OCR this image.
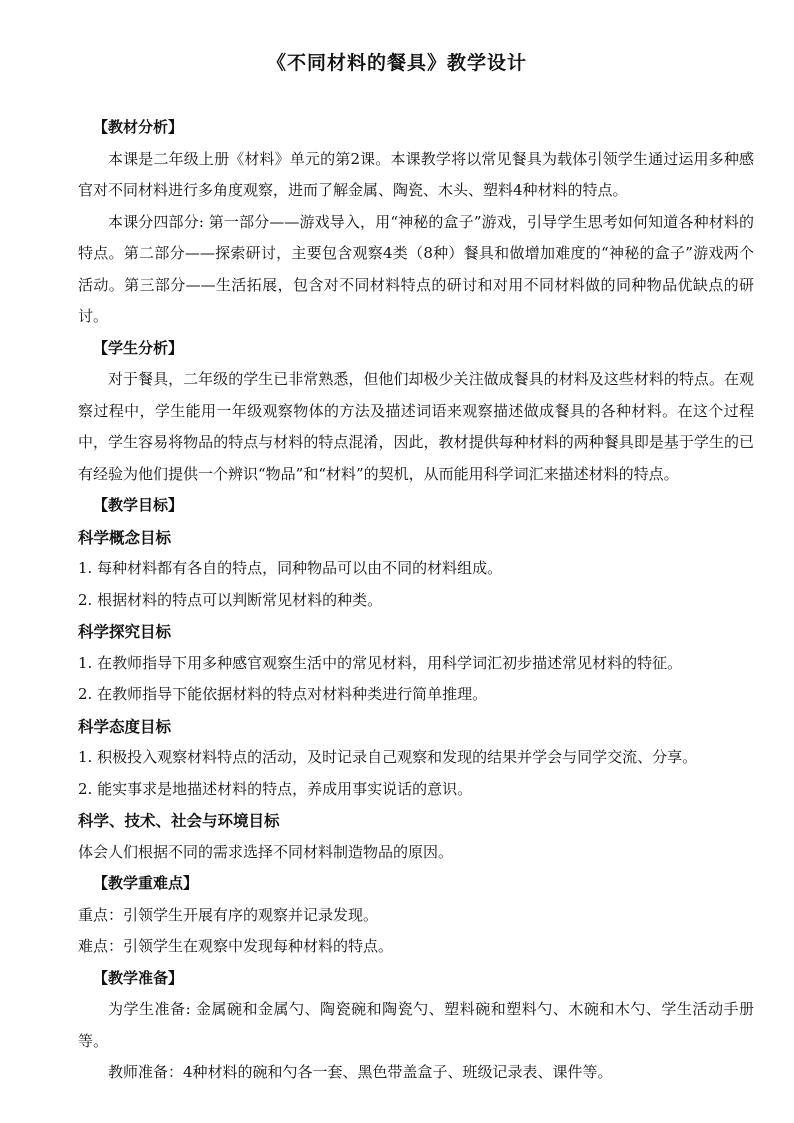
《不同材料的餐具》教学设计

【教材分析】

本课是二年级上册《材料》单元的第2课。本课教学将以常见餐具为载体引领学生通过运用多种感官对不同材料进行多角度观察，进而了解金属、陶瓷、木头、塑料4种材料的特点。

本课分四部分: 第一部分——游戏导入，用“神秘的盒子”游戏，引导学生思考如何知道各种材料的特点。第二部分——探索研讨，主要包含观察4类（8种）餐具和做增加难度的“神秘的盒子”游戏两个活动。第三部分——生活拓展，包含对不同材料特点的研讨和对用不同材料做的同种物品优缺点的研讨。

【学生分析】

对于餐具，二年级的学生已非常熟悉，但他们却极少关注做成餐具的材料及这些材料的特点。在观察过程中，学生能用一年级观察物体的方法及描述词语来观察描述做成餐具的各种材料。在这个过程中，学生容易将物品的特点与材料的特点混淆，因此，教材提供每种材料的两种餐具即是基于学生的已有经验为他们提供一个辨识“物品”和“材料”的契机，从而能用科学词汇来描述材料的特点。

【教学目标】

科学概念目标

1. 每种材料都有各自的特点，同种物品可以由不同的材料组成。

2. 根据材料的特点可以判断常见材料的种类。

科学探究目标

1. 在教师指导下用多种感官观察生活中的常见材料，用科学词汇初步描述常见材料的特征。

2. 在教师指导下能依据材料的特点对材料种类进行简单推理。

科学态度目标

1. 积极投入观察材料特点的活动，及时记录自己观察和发现的结果并学会与同学交流、分享。

2. 能实事求是地描述材料的特点，养成用事实说话的意识。

科学、技术、社会与环境目标

体会人们根据不同的需求选择不同材料制造物品的原因。

【教学重难点】

重点：引领学生开展有序的观察并记录发现。

难点：引领学生在观察中发现每种材料的特点。

【教学准备】

为学生准备: 金属碗和金属勺、陶瓷碗和陶瓷勺、塑料碗和塑料勺、木碗和木勺、学生活动手册等。

教师准备：4种材料的碗和勺各一套、黑色带盖盒子、班级记录表、课件等。
